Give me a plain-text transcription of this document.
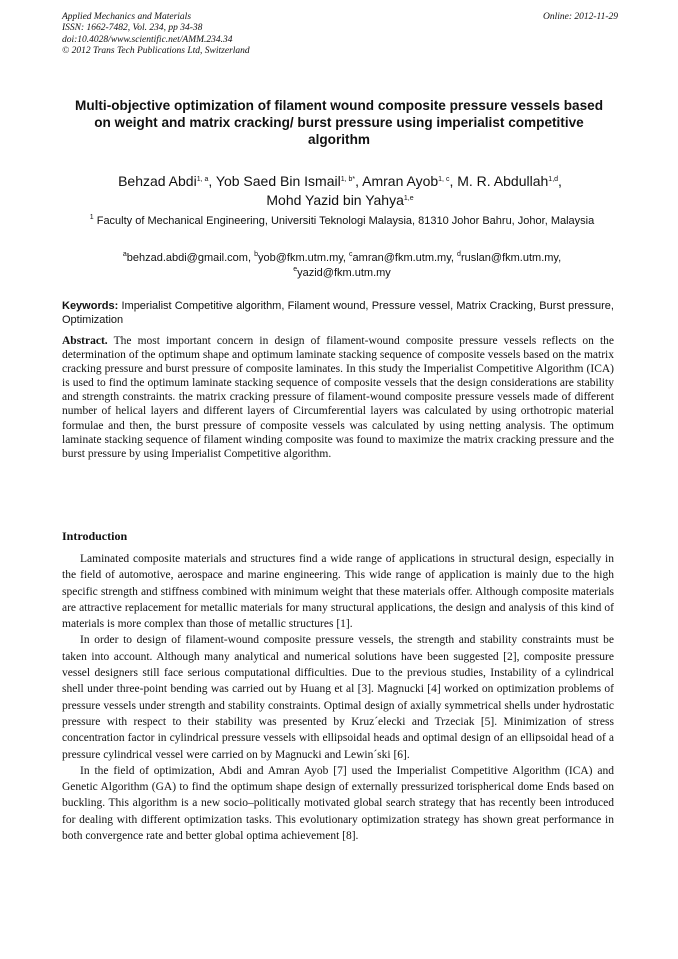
Applied Mechanics and Materials
ISSN: 1662-7482, Vol. 234, pp 34-38
doi:10.4028/www.scientific.net/AMM.234.34
© 2012 Trans Tech Publications Ltd, Switzerland
Online: 2012-11-29
Multi-objective optimization of filament wound composite pressure vessels based on weight and matrix cracking/ burst pressure using imperialist competitive algorithm
Behzad Abdi$^{1, a}$, Yob Saed Bin Ismail$^{1, b*}$, Amran Ayob$^{1, c}$, M. R. Abdullah$^{1,d}$,
Mohd Yazid bin Yahya$^{1,e}$
$^1$ Faculty of Mechanical Engineering, Universiti Teknologi Malaysia, 81310 Johor Bahru, Johor, Malaysia
$^a$behzad.abdi@gmail.com, $^b$yob@fkm.utm.my, $^c$amran@fkm.utm.my, $^d$ruslan@fkm.utm.my,
$^e$yazid@fkm.utm.my
Keywords: Imperialist Competitive algorithm, Filament wound, Pressure vessel, Matrix Cracking, Burst pressure, Optimization

Abstract. The most important concern in design of filament-wound composite pressure vessels reflects on the determination of the optimum shape and optimum laminate stacking sequence of composite vessels based on the matrix cracking pressure and burst pressure of composite laminates. In this study the Imperialist Competitive Algorithm (ICA) is used to find the optimum laminate stacking sequence of composite vessels that the design considerations are stability and strength constraints. the matrix cracking pressure of filament-wound composite pressure vessels made of different number of helical layers and different layers of Circumferential layers was calculated by using orthotropic material formulae and then, the burst pressure of composite vessels was calculated by using netting analysis. The optimum laminate stacking sequence of filament winding composite was found to maximize the matrix cracking pressure and the burst pressure by using Imperialist Competitive algorithm.

Introduction

Laminated composite materials and structures find a wide range of applications in structural design, especially in the field of automotive, aerospace and marine engineering. This wide range of application is mainly due to the high specific strength and stiffness combined with minimum weight that these materials offer. Although composite materials are attractive replacement for metallic materials for many structural applications, the design and analysis of this kind of materials is more complex than those of metallic structures [1].

In order to design of filament-wound composite pressure vessels, the strength and stability constraints must be taken into account. Although many analytical and numerical solutions have been suggested [2], composite pressure vessel designers still face serious computational difficulties. Due to the previous studies, Instability of a cylindrical shell under three-point bending was carried out by Huang et al [3]. Magnucki [4] worked on optimization problems of pressure vessels under strength and stability constraints. Optimal design of axially symmetrical shells under hydrostatic pressure with respect to their stability was presented by Kruz´elecki and Trzeciak [5]. Minimization of stress concentration factor in cylindrical pressure vessels with ellipsoidal heads and optimal design of an ellipsoidal head of a pressure cylindrical vessel were carried on by Magnucki and Lewin´ski [6].

In the field of optimization, Abdi and Amran Ayob [7] used the Imperialist Competitive Algorithm (ICA) and Genetic Algorithm (GA) to find the optimum shape design of externally pressurized torispherical dome Ends based on buckling. This algorithm is a new socio–politically motivated global search strategy that has recently been introduced for dealing with different optimization tasks. This evolutionary optimization strategy has shown great performance in both convergence rate and better global optima achievement [8].
